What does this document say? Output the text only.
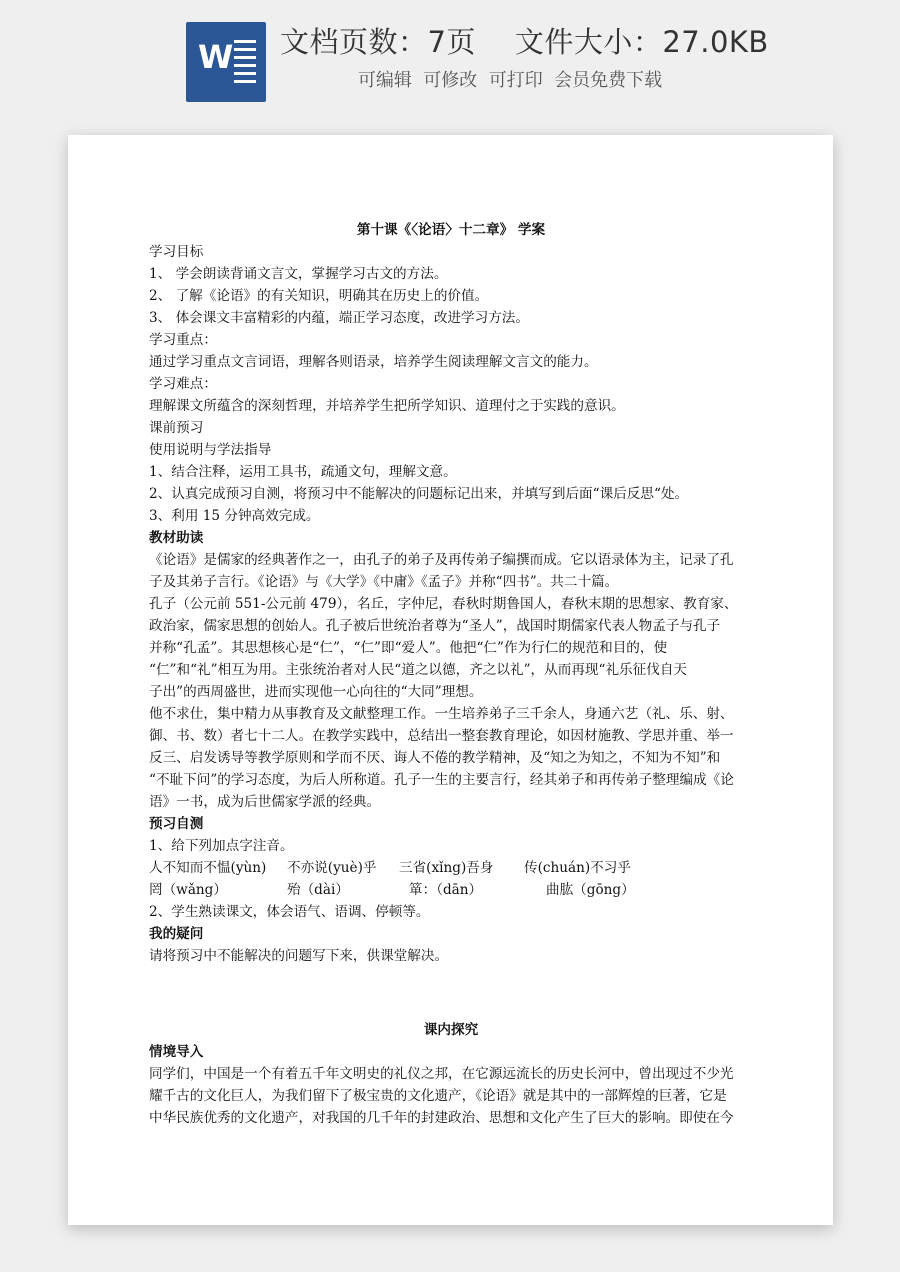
W 文档页数：7页    文件大小：27.0KB
可编辑  可修改  可打印  会员免费下载
第十课《〈论语〉十二章》 学案
学习目标
1、 学会朗读背诵文言文，掌握学习古文的方法。
2、 了解《论语》的有关知识，明确其在历史上的价值。
3、 体会课文丰富精彩的内蕴，端正学习态度，改进学习方法。
学习重点：
通过学习重点文言词语，理解各则语录，培养学生阅读理解文言文的能力。
学习难点：
理解课文所蕴含的深刻哲理，并培养学生把所学知识、道理付之于实践的意识。
课前预习
使用说明与学法指导
1、结合注释，运用工具书，疏通文句，理解文意。
2、认真完成预习自测，将预习中不能解决的问题标记出来，并填写到后面“课后反思“处。
3、利用 15 分钟高效完成。
教材助读
《论语》是儒家的经典著作之一，由孔子的弟子及再传弟子编撰而成。它以语录体为主，记录了孔
子及其弟子言行。《论语》与《大学》《中庸》《孟子》并称“四书”。共二十篇。
孔子（公元前 551-公元前 479），名丘，字仲尼，春秋时期鲁国人，春秋末期的思想家、教育家、
政治家，儒家思想的创始人。孔子被后世统治者尊为“圣人”，战国时期儒家代表人物孟子与孔子
并称“孔孟”。其思想核心是“仁”，“仁”即“爱人”。他把“仁”作为行仁的规范和目的，使
“仁”和“礼”相互为用。主张统治者对人民“道之以德，齐之以礼”，从而再现“礼乐征伐自天
子出”的西周盛世，进而实现他一心向往的“大同”理想。
他不求仕，集中精力从事教育及文献整理工作。一生培养弟子三千余人，身通六艺（礼、乐、射、
御、书、数）者七十二人。在教学实践中，总结出一整套教育理论，如因材施教、学思并重、举一
反三、启发诱导等教学原则和学而不厌、诲人不倦的教学精神，及“知之为知之，不知为不知”和
“不耻下问”的学习态度，为后人所称道。孔子一生的主要言行，经其弟子和再传弟子整理编成《论
语》一书，成为后世儒家学派的经典。
预习自测
1、给下列加点字注音。
人不知而不愠(yùn) 不亦说(yuè)乎 三省(xǐng)吾身 传(chuán)不习乎
罔（wǎng）	殆（dài）	箪：（dān）	曲肱（gōng）
2、学生熟读课文，体会语气、语调、停顿等。
我的疑问
请将预习中不能解决的问题写下来，供课堂解决。
课内探究
情境导入
同学们，中国是一个有着五千年文明史的礼仪之邦，在它源远流长的历史长河中，曾出现过不少光
耀千古的文化巨人，为我们留下了极宝贵的文化遗产，《论语》就是其中的一部辉煌的巨著，它是
中华民族优秀的文化遗产，对我国的几千年的封建政治、思想和文化产生了巨大的影响。即使在今
